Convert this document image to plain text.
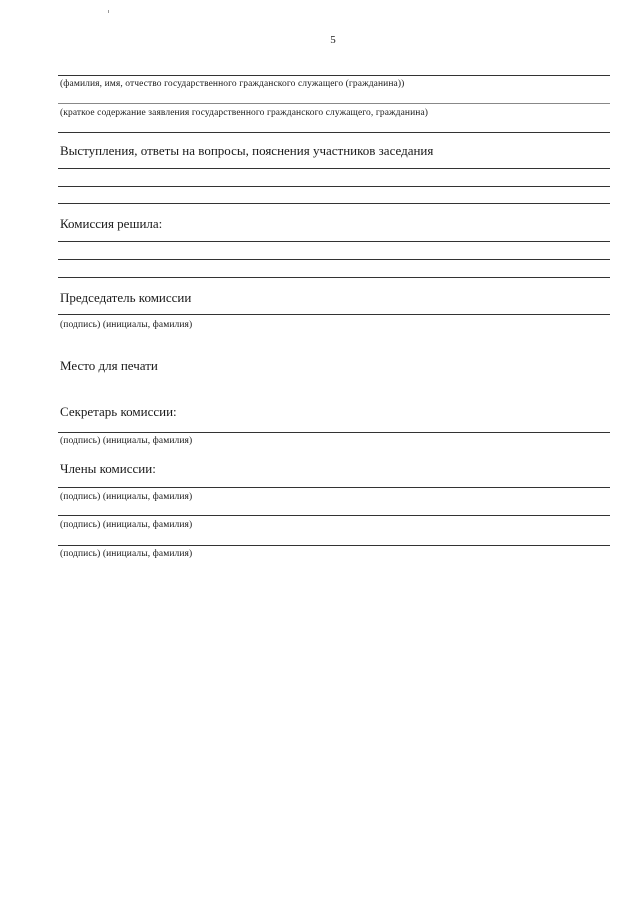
5
(фамилия, имя, отчество государственного гражданского служащего (гражданина))
(краткое содержание заявления государственного гражданского служащего, гражданина)
Выступления, ответы на вопросы, пояснения участников заседания
Комиссия решила:
Председатель комиссии
(подпись) (инициалы, фамилия)
Место для печати
Секретарь комиссии:
(подпись) (инициалы, фамилия)
Члены комиссии:
(подпись) (инициалы, фамилия)
(подпись) (инициалы, фамилия)
(подпись) (инициалы, фамилия)
